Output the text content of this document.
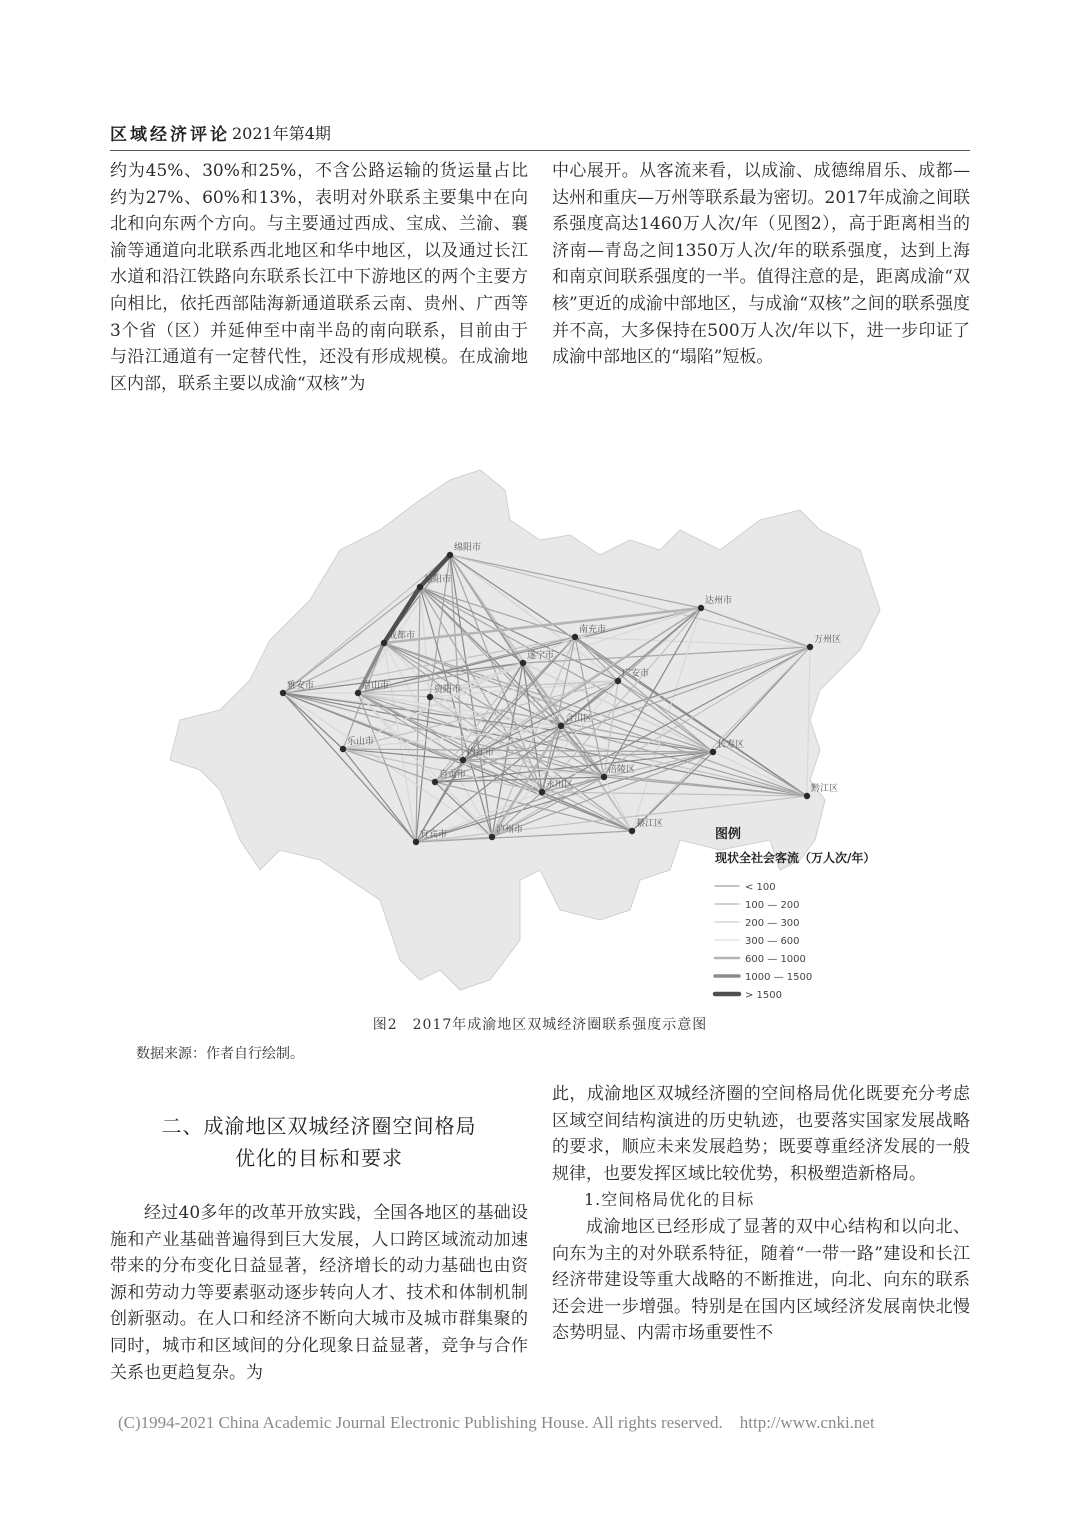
区域经济评论 2021年第4期

约为45%、30%和25%，不含公路运输的货运量占比约为27%、60%和13%，表明对外联系主要集中在向北和向东两个方向。与主要通过西成、宝成、兰渝、襄渝等通道向北联系西北地区和华中地区，以及通过长江水道和沿江铁路向东联系长江中下游地区的两个主要方向相比，依托西部陆海新通道联系云南、贵州、广西等3个省（区）并延伸至中南半岛的南向联系，目前由于与沿江通道有一定替代性，还没有形成规模。在成渝地区内部，联系主要以成渝“双核”为

中心展开。从客流来看，以成渝、成德绵眉乐、成都—达州和重庆—万州等联系最为密切。2017年成渝之间联系强度高达1460万人次/年（见图2），高于距离相当的济南—青岛之间1350万人次/年的联系强度，达到上海和南京间联系强度的一半。值得注意的是，距离成渝“双核”更近的成渝中部地区，与成渝“双核”之间的联系强度并不高，大多保持在500万人次/年以下，进一步印证了成渝中部地区的“塌陷”短板。

绵阳市
德阳市
成都市
雅安市	眉山市	资阳市
遂宁市
南充市
达州市
万州区
广安市
合川区
长寿区
乐山市
内江市
自贡市
永川区
涪陵区
黔江区
宜宾市	泸州市
綦江区
图例
现状全社会客流（万人次/年）
< 100
100 — 200
200 — 300
300 — 600
600 — 1000
1000 — 1500
> 1500
图2　2017年成渝地区双城经济圈联系强度示意图
数据来源：作者自行绘制。
二、成渝地区双城经济圈空间格局
优化的目标和要求

经过40多年的改革开放实践，全国各地区的基础设施和产业基础普遍得到巨大发展，人口跨区域流动加速带来的分布变化日益显著，经济增长的动力基础也由资源和劳动力等要素驱动逐步转向人才、技术和体制机制创新驱动。在人口和经济不断向大城市及城市群集聚的同时，城市和区域间的分化现象日益显著，竞争与合作关系也更趋复杂。为

此，成渝地区双城经济圈的空间格局优化既要充分考虑区域空间结构演进的历史轨迹，也要落实国家发展战略的要求，顺应未来发展趋势；既要尊重经济发展的一般规律，也要发挥区域比较优势，积极塑造新格局。

1.空间格局优化的目标

成渝地区已经形成了显著的双中心结构和以向北、向东为主的对外联系特征，随着“一带一路”建设和长江经济带建设等重大战略的不断推进，向北、向东的联系还会进一步增强。特别是在国内区域经济发展南快北慢态势明显、内需市场重要性不

(C)1994-2021 China Academic Journal Electronic Publishing House. All rights reserved.    http://www.cnki.net
